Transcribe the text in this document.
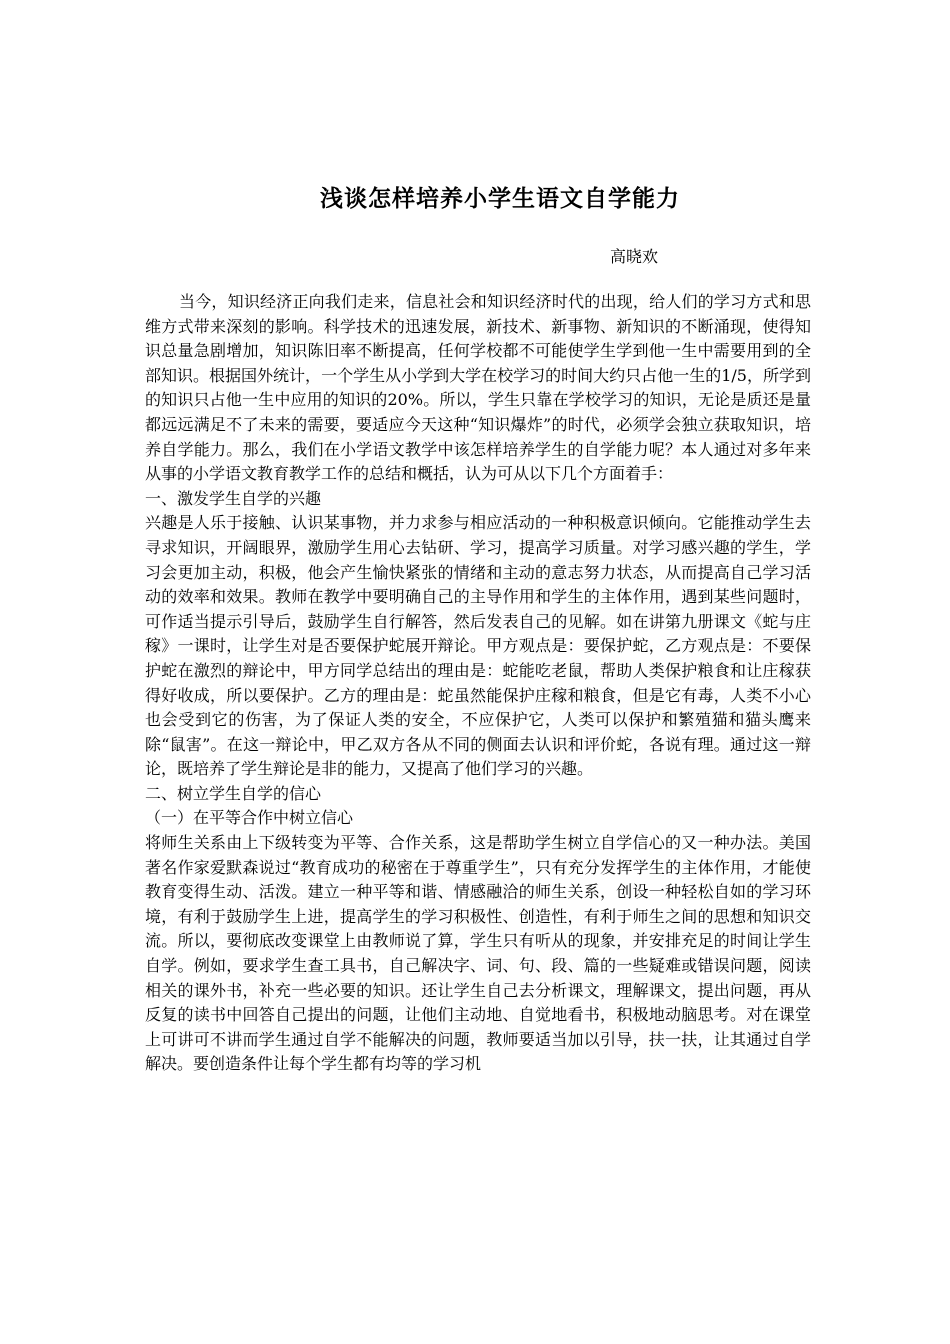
浅谈怎样培养小学生语文自学能力
高晓欢

当今，知识经济正向我们走来，信息社会和知识经济时代的出现，给人们的学习方式和思维方式带来深刻的影响。科学技术的迅速发展，新技术、新事物、新知识的不断涌现，使得知识总量急剧增加，知识陈旧率不断提高，任何学校都不可能使学生学到他一生中需要用到的全部知识。根据国外统计，一个学生从小学到大学在校学习的时间大约只占他一生的1/5，所学到的知识只占他一生中应用的知识的20%。所以，学生只靠在学校学习的知识，无论是质还是量都远远满足不了未来的需要，要适应今天这种“知识爆炸”的时代，必须学会独立获取知识，培养自学能力。那么，我们在小学语文教学中该怎样培养学生的自学能力呢？本人通过对多年来从事的小学语文教育教学工作的总结和概括，认为可从以下几个方面着手：

一、激发学生自学的兴趣

兴趣是人乐于接触、认识某事物，并力求参与相应活动的一种积极意识倾向。它能推动学生去寻求知识，开阔眼界，激励学生用心去钻研、学习，提高学习质量。对学习感兴趣的学生，学习会更加主动，积极，他会产生愉快紧张的情绪和主动的意志努力状态，从而提高自己学习活动的效率和效果。教师在教学中要明确自己的主导作用和学生的主体作用，遇到某些问题时，可作适当提示引导后，鼓励学生自行解答，然后发表自己的见解。如在讲第九册课文《蛇与庄稼》一课时，让学生对是否要保护蛇展开辩论。甲方观点是：要保护蛇，乙方观点是：不要保护蛇在激烈的辩论中，甲方同学总结出的理由是：蛇能吃老鼠，帮助人类保护粮食和让庄稼获得好收成，所以要保护。乙方的理由是：蛇虽然能保护庄稼和粮食，但是它有毒，人类不小心也会受到它的伤害，为了保证人类的安全，不应保护它，人类可以保护和繁殖猫和猫头鹰来除“鼠害”。在这一辩论中，甲乙双方各从不同的侧面去认识和评价蛇，各说有理。通过这一辩论，既培养了学生辩论是非的能力，又提高了他们学习的兴趣。

二、树立学生自学的信心

（一）在平等合作中树立信心

将师生关系由上下级转变为平等、合作关系，这是帮助学生树立自学信心的又一种办法。美国著名作家爱默森说过“教育成功的秘密在于尊重学生”，只有充分发挥学生的主体作用，才能使教育变得生动、活泼。建立一种平等和谐、情感融洽的师生关系，创设一种轻松自如的学习环境，有利于鼓励学生上进，提高学生的学习积极性、创造性，有利于师生之间的思想和知识交流。所以，要彻底改变课堂上由教师说了算，学生只有听从的现象，并安排充足的时间让学生自学。例如，要求学生查工具书，自己解决字、词、句、段、篇的一些疑难或错误问题，阅读相关的课外书，补充一些必要的知识。还让学生自己去分析课文，理解课文，提出问题，再从反复的读书中回答自己提出的问题，让他们主动地、自觉地看书，积极地动脑思考。对在课堂上可讲可不讲而学生通过自学不能解决的问题，教师要适当加以引导，扶一扶，让其通过自学解决。要创造条件让每个学生都有均等的学习机
